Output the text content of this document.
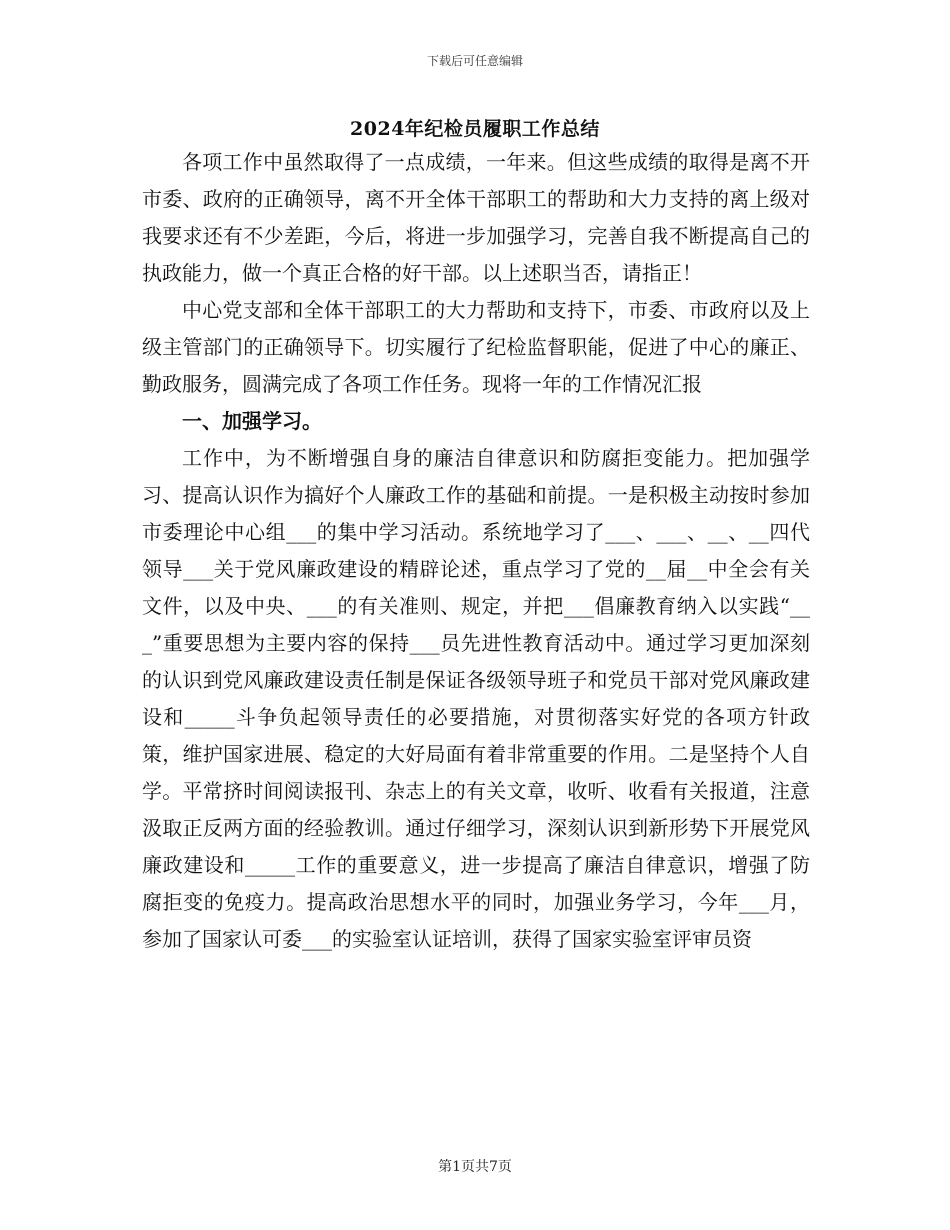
下载后可任意编辑
2024年纪检员履职工作总结

各项工作中虽然取得了一点成绩，一年来。但这些成绩的取得是离不开市委、政府的正确领导，离不开全体干部职工的帮助和大力支持的离上级对我要求还有不少差距，今后，将进一步加强学习，完善自我不断提高自己的执政能力，做一个真正合格的好干部。以上述职当否，请指正！

中心党支部和全体干部职工的大力帮助和支持下，市委、市政府以及上级主管部门的正确领导下。切实履行了纪检监督职能，促进了中心的廉正、勤政服务，圆满完成了各项工作任务。现将一年的工作情况汇报

一、加强学习。

工作中，为不断增强自身的廉洁自律意识和防腐拒变能力。把加强学习、提高认识作为搞好个人廉政工作的基础和前提。一是积极主动按时参加市委理论中心组___的集中学习活动。系统地学习了___、___、__、__四代领导___关于党风廉政建设的精辟论述，重点学习了党的__届__中全会有关文件，以及中央、___的有关准则、规定，并把___倡廉教育纳入以实践“___”重要思想为主要内容的保持___员先进性教育活动中。通过学习更加深刻的认识到党风廉政建设责任制是保证各级领导班子和党员干部对党风廉政建设和_____斗争负起领导责任的必要措施，对贯彻落实好党的各项方针政策，维护国家进展、稳定的大好局面有着非常重要的作用。二是坚持个人自学。平常挤时间阅读报刊、杂志上的有关文章，收听、收看有关报道，注意汲取正反两方面的经验教训。通过仔细学习，深刻认识到新形势下开展党风廉政建设和_____工作的重要意义，进一步提高了廉洁自律意识，增强了防腐拒变的免疫力。提高政治思想水平的同时，加强业务学习，今年___月，参加了国家认可委___的实验室认证培训，获得了国家实验室评审员资

第1页共7页
